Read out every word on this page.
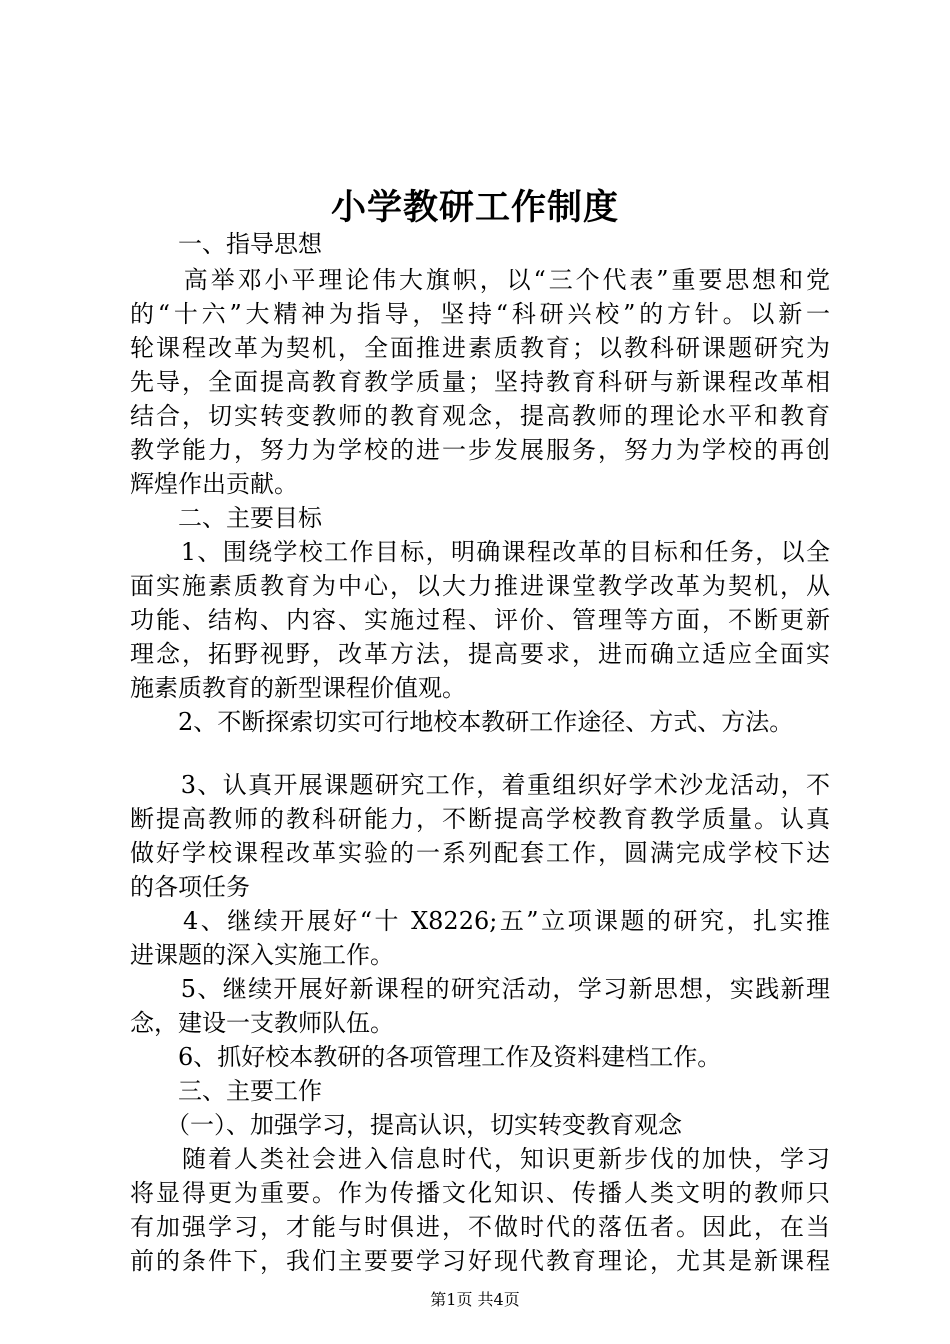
小学教研工作制度
　　一、指导思想
　　高举邓小平理论伟大旗帜，以“三个代表”重要思想和党
的“十六”大精神为指导，坚持“科研兴校”的方针。以新一
轮课程改革为契机，全面推进素质教育；以教科研课题研究为
先导，全面提高教育教学质量；坚持教育科研与新课程改革相
结合，切实转变教师的教育观念，提高教师的理论水平和教育
教学能力，努力为学校的进一步发展服务，努力为学校的再创
辉煌作出贡献。
　　二、主要目标
　　1、围绕学校工作目标，明确课程改革的目标和任务，以全
面实施素质教育为中心，以大力推进课堂教学改革为契机，从
功能、结构、内容、实施过程、评价、管理等方面，不断更新
理念，拓野视野，改革方法，提高要求，进而确立适应全面实
施素质教育的新型课程价值观。
　　2、不断探索切实可行地校本教研工作途径、方式、方法。
　　3、认真开展课题研究工作，着重组织好学术沙龙活动，不
断提高教师的教科研能力，不断提高学校教育教学质量。认真
做好学校课程改革实验的一系列配套工作，圆满完成学校下达
的各项任务
　　4、继续开展好“十 X8226;五”立项课题的研究，扎实推
进课题的深入实施工作。
　　5、继续开展好新课程的研究活动，学习新思想，实践新理
念，建设一支教师队伍。
　　6、抓好校本教研的各项管理工作及资料建档工作。
　　三、主要工作
　　（一）、加强学习，提高认识，切实转变教育观念
　　随着人类社会进入信息时代，知识更新步伐的加快，学习
将显得更为重要。作为传播文化知识、传播人类文明的教师只
有加强学习，才能与时俱进，不做时代的落伍者。因此，在当
前的条件下，我们主要要学习好现代教育理论，尤其是新课程
第1页 共4页
